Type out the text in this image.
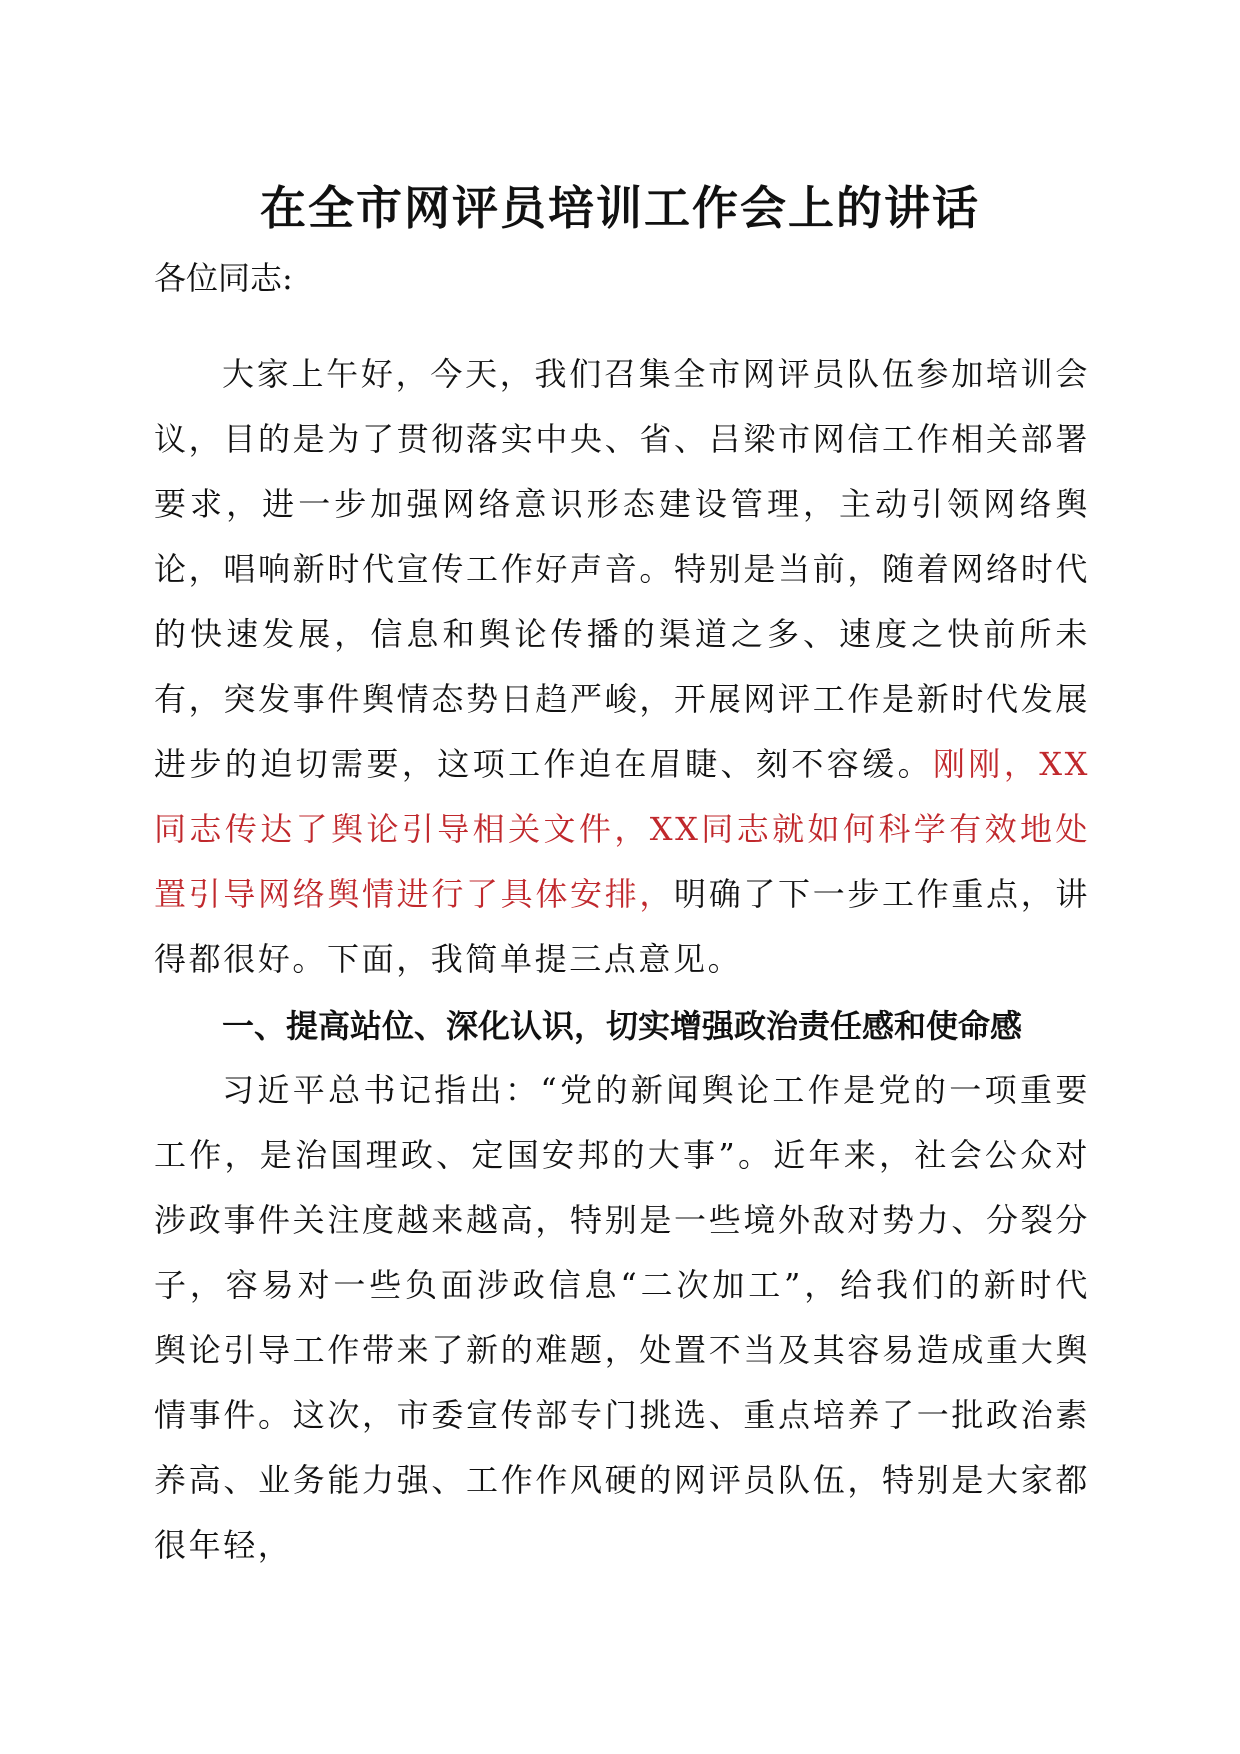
在全市网评员培训工作会上的讲话
各位同志:

大家上午好，今天，我们召集全市网评员队伍参加培训会议，目的是为了贯彻落实中央、省、吕梁市网信工作相关部署要求，进一步加强网络意识形态建设管理，主动引领网络舆论，唱响新时代宣传工作好声音。特别是当前，随着网络时代的快速发展，信息和舆论传播的渠道之多、速度之快前所未有，突发事件舆情态势日趋严峻，开展网评工作是新时代发展进步的迫切需要，这项工作迫在眉睫、刻不容缓。刚刚，XX同志传达了舆论引导相关文件，XX同志就如何科学有效地处置引导网络舆情进行了具体安排，明确了下一步工作重点，讲得都很好。下面，我简单提三点意见。

一、提高站位、深化认识，切实增强政治责任感和使命感

习近平总书记指出：“党的新闻舆论工作是党的一项重要工作，是治国理政、定国安邦的大事”。近年来，社会公众对涉政事件关注度越来越高，特别是一些境外敌对势力、分裂分子，容易对一些负面涉政信息“二次加工”，给我们的新时代舆论引导工作带来了新的难题，处置不当及其容易造成重大舆情事件。这次，市委宣传部专门挑选、重点培养了一批政治素养高、业务能力强、工作作风硬的网评员队伍，特别是大家都很年轻，
